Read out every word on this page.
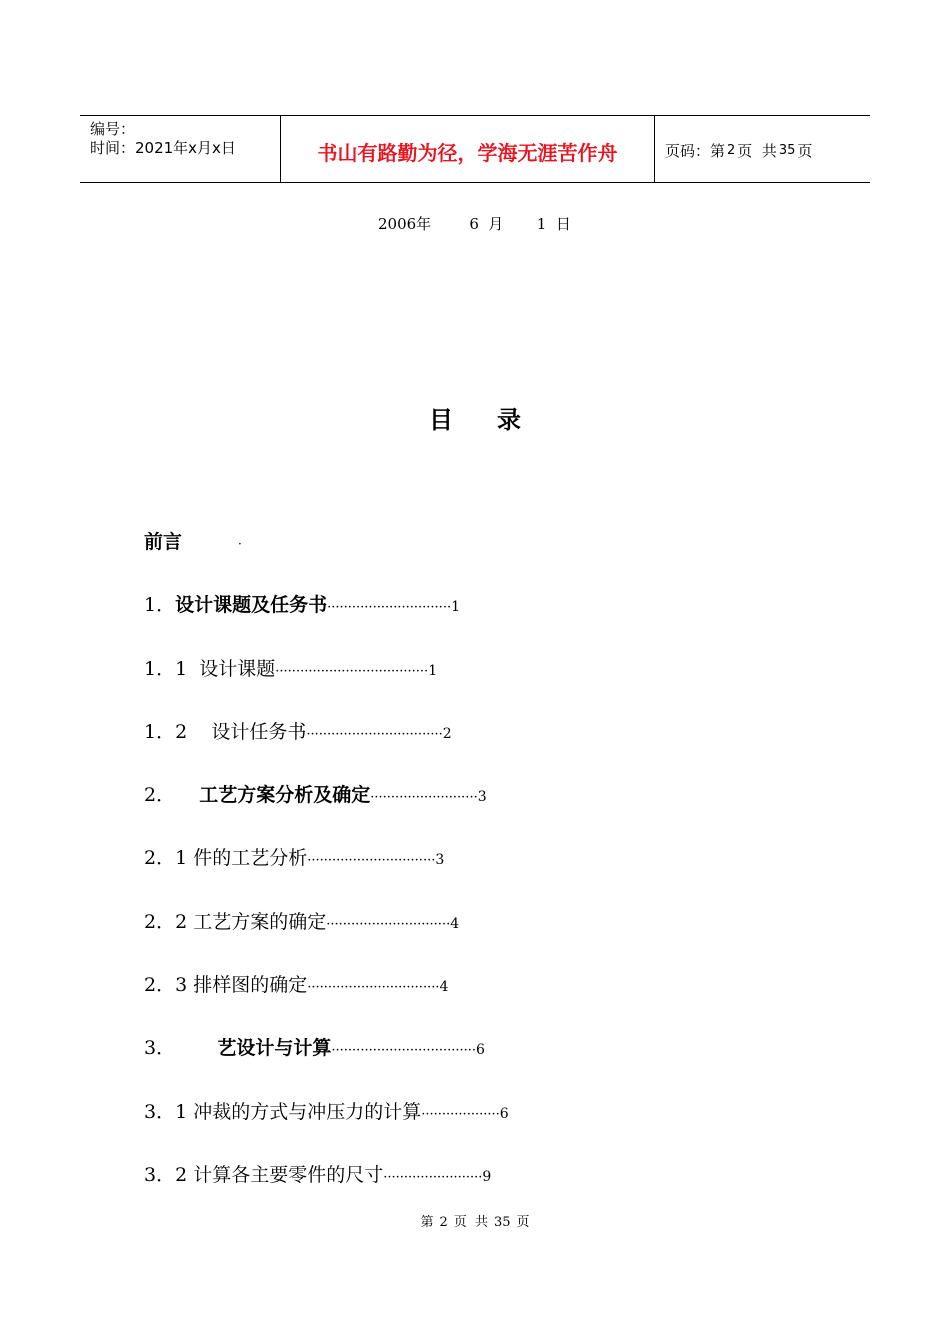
编号：
时间：2021年x月x日	书山有路勤为径，学海无涯苦作舟	页码：第 2 页  共 35 页
2006年        6  月       1  日
目 录
前言	·
1．设计课题及任务书······························1
1．1  设计课题·····································1
1．2    设计任务书·································2
2．    工艺方案分析及确定··························3
2．1 件的工艺分析·······························3
2．2 工艺方案的确定······························4
2．3 排样图的确定································4
3．       艺设计与计算···································6
3．1 冲裁的方式与冲压力的计算···················6
3．2 计算各主要零件的尺寸························9
第 2 页  共 35 页
